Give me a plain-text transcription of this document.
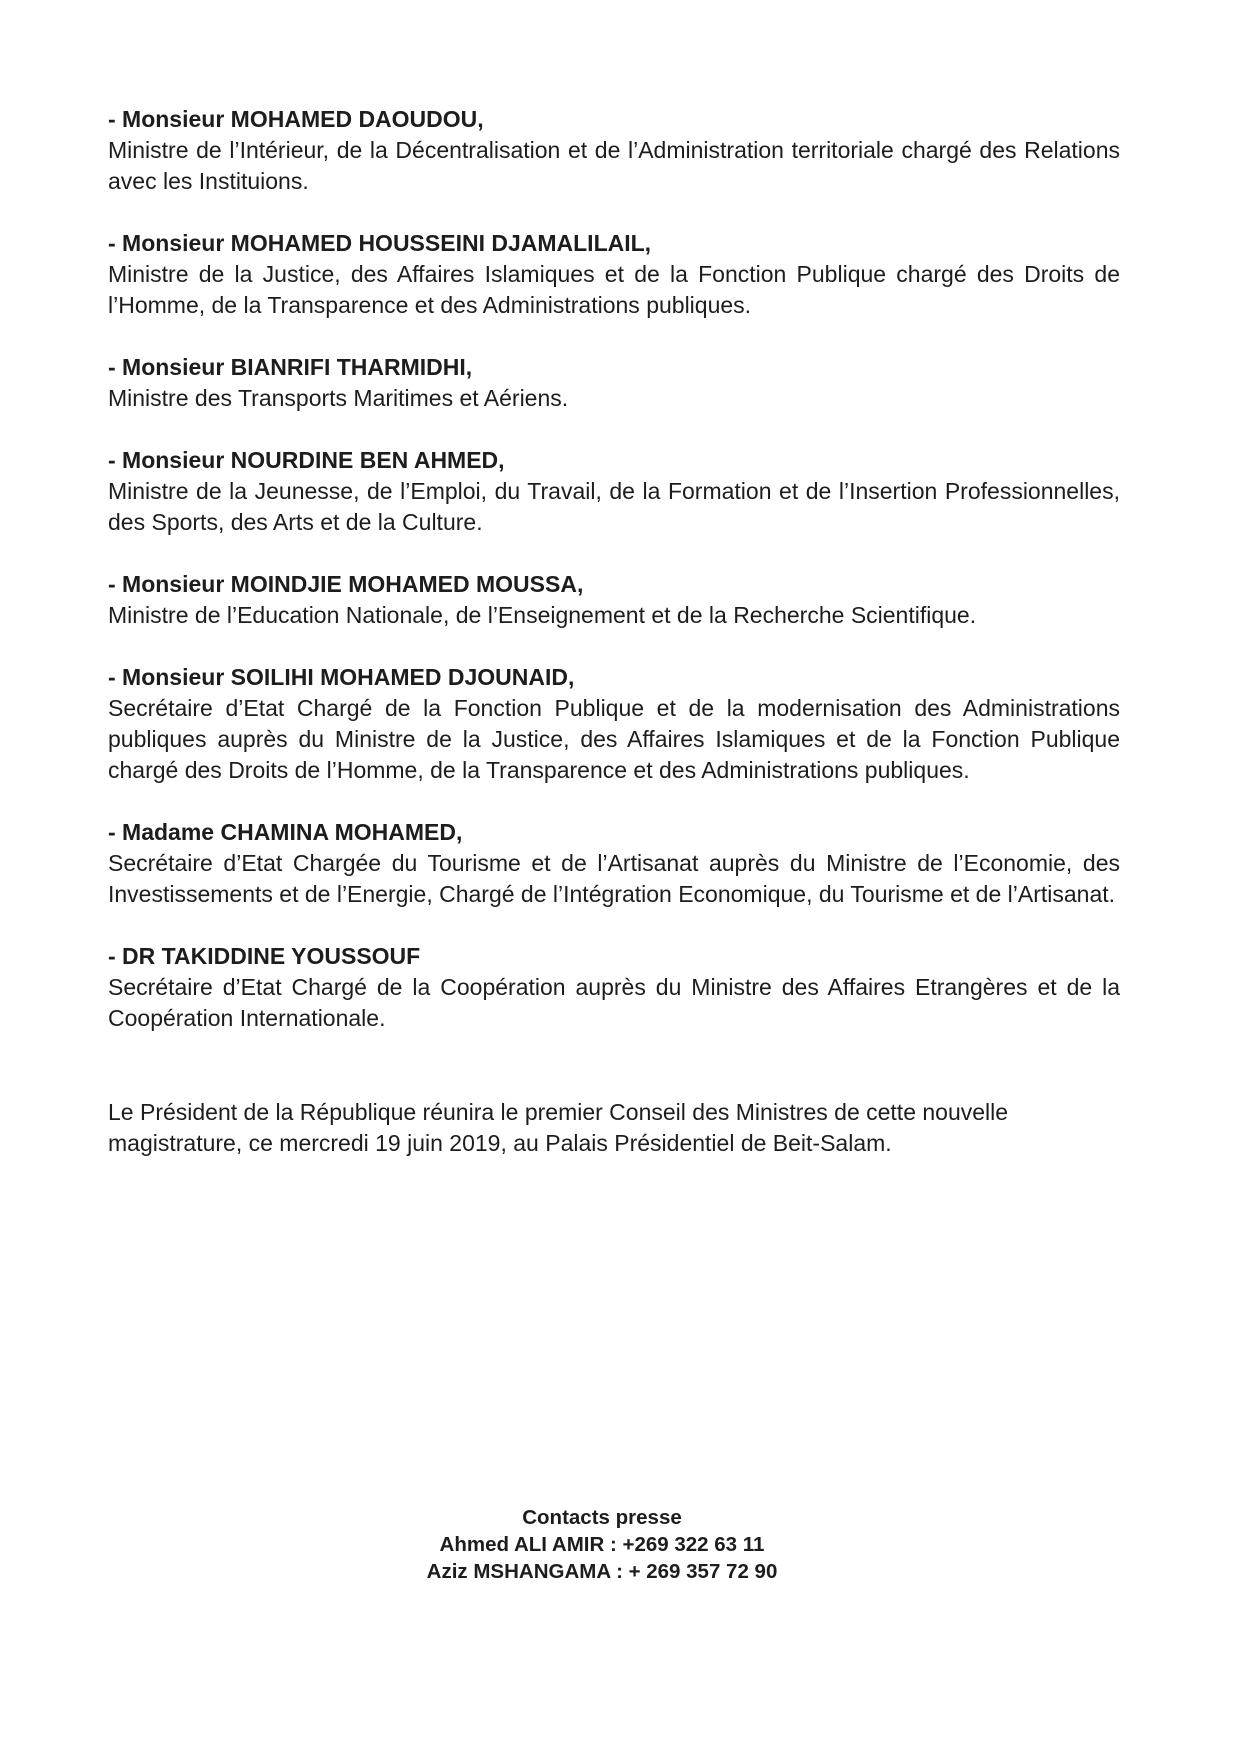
- Monsieur MOHAMED DAOUDOU,

Ministre de l’Intérieur, de la Décentralisation et de l’Administration territoriale chargé des Relations avec les Instituions.

- Monsieur MOHAMED HOUSSEINI DJAMALILAIL,

Ministre de la Justice, des Affaires Islamiques et de la Fonction Publique chargé des Droits de l’Homme, de la Transparence et des Administrations publiques.

- Monsieur BIANRIFI THARMIDHI,

Ministre des Transports Maritimes et Aériens.

- Monsieur NOURDINE BEN AHMED,

Ministre de la Jeunesse, de l’Emploi, du Travail, de la Formation et de l’Insertion Professionnelles, des Sports, des Arts et de la Culture.

- Monsieur MOINDJIE MOHAMED MOUSSA,

Ministre de l’Education Nationale, de l’Enseignement et de la Recherche Scientifique.

- Monsieur SOILIHI MOHAMED DJOUNAID,

Secrétaire d’Etat Chargé de la Fonction Publique et de la modernisation des Administrations publiques auprès du Ministre de la Justice, des Affaires Islamiques et de la Fonction Publique chargé des Droits de l’Homme, de la Transparence et des Administrations publiques.

- Madame CHAMINA MOHAMED,

Secrétaire d’Etat Chargée du Tourisme et de l’Artisanat auprès du Ministre de l’Economie, des Investissements et de l’Energie, Chargé de l’Intégration Economique, du Tourisme et de l’Artisanat.

- DR TAKIDDINE YOUSSOUF

Secrétaire d’Etat Chargé de la Coopération auprès du Ministre des Affaires Etrangères et de la Coopération Internationale.

Le Président de la République réunira le premier Conseil des Ministres de cette nouvelle magistrature, ce mercredi 19 juin 2019, au Palais Présidentiel de Beit-Salam.

Contacts presse
Ahmed ALI AMIR : +269 322 63 11
Aziz MSHANGAMA : + 269 357 72 90
